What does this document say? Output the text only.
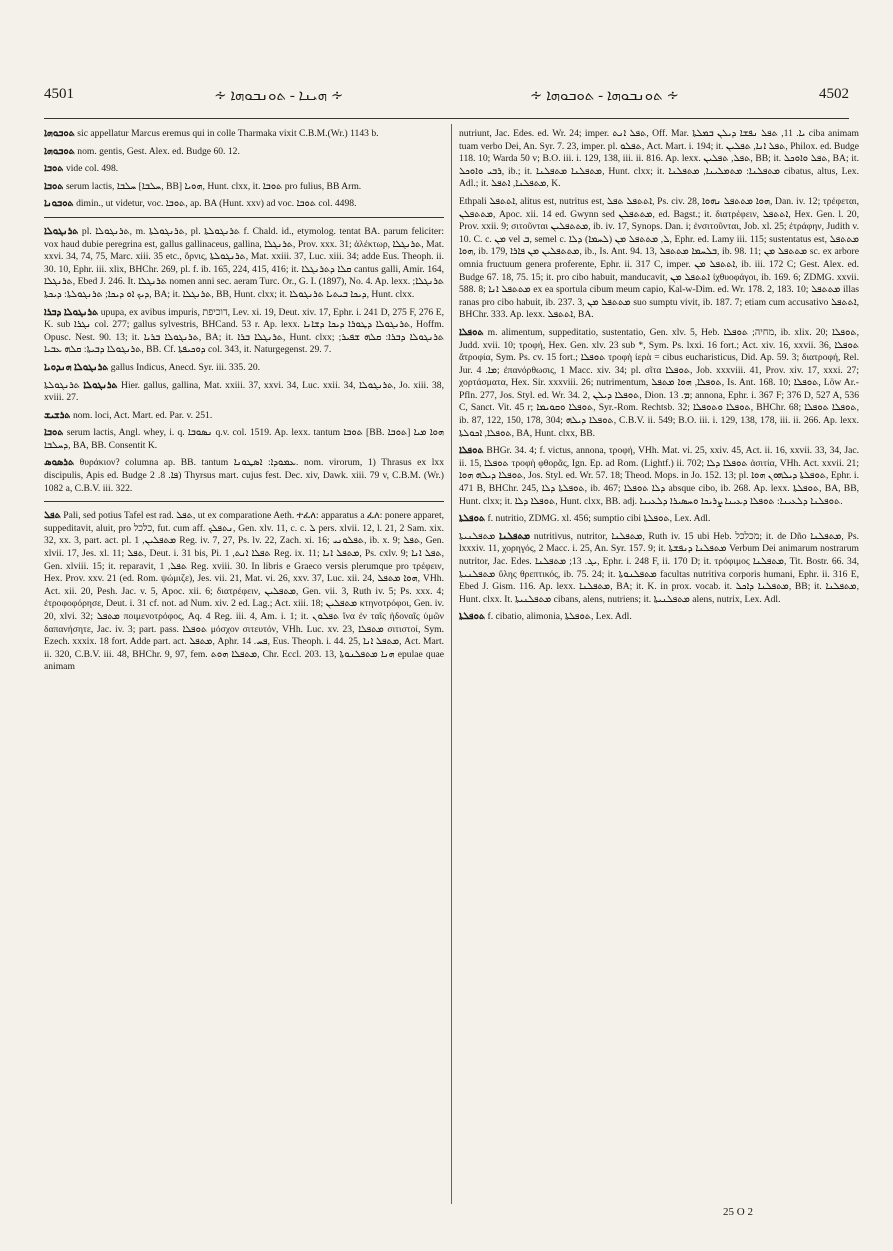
4501	∻ ܗܝܢܐ - ܬܘܢܒܘܗܐ ∻	∻ ܬܘܢܒܘܗܐ - ܬܘܒܘܗܐ ∻	4502

ܬܘܒܘܗܐ sic appellatur Marcus eremus qui in colle Tharmaka vixit C.B.M.(Wr.) 1143 b.

ܬܘܒܘܗܐ nom. gentis, Gest. Alex. ed. Budge 60. 12.

ܬܘܒܐ vide col. 498.

ܬܘܒܐ serum lactis, ܚܠܒܐ [ܚܠܒܐ, BB] ܗܘܝܐ, Hunt. clxx, it. ܬܘܒܐ pro fulius, BB Arm.

ܬܘܒܘܢܐ dimin., ut videtur, voc. ܬܘܒܐ, ap. BA (Hunt. xxv) ad voc. ܬܘܒܐ col. 4498.

ܬܪܢܓܘܠܐ pl. ܬܪܢܓܘܠܐ, m. ܬܪܢܓܘܠܬܐ, pl. ܬܪܢܓܘܠܬܐ f. Chald. id., etymolog. tentat BA. parum feliciter: vox haud dubie peregrina est, gallus gallinaceus, gallina, ܬܪܢܓܠܐ, Prov. xxx. 31; ἀλέκτωρ, ܬܪܢܓܠܐ, Mat. xxvi. 34, 74, 75, Marc. xiii. 35 etc., ὄρνις, ܬܪܢܓܘܠܬܐ, Mat. xxiii. 37, Luc. xiii. 34; adde Eus. Theoph. ii. 30. 10, Ephr. iii. xlix, BHChr. 269, pl. f. ib. 165, 224, 415, 416; it. ܩܠܐ ܕܬܪܢܓܠܐ cantus galli, Amir. 164, ܬܪܢܓܠܐ, Ebed J. 246. It. ܬܪܢܓܠܐ nomen anni sec. aeram Turc. Or., G. I. (1897), No. 4. Ap. lexx. ܬܪܢܓܠܐ; ܕܝܟ ܐܘ ܕܝܟܐ; ܬܪܢܓܘܠܬܐ: ܕܝܟܬܐ, BA; it. ܬܪܢܓܠܐ, BB, Hunt. clxx; it. ܕܝܟܐ ܒܝܬܝܐ ܬܪܢܓܘܠܐ, Hunt. clxx.

ܬܪܢܓܘܠܐ ܕܒܪܐ upupa, ex avibus impuris, דוכיפת, Lev. xi. 19, Deut. xiv. 17, Ephr. i. 241 D, 275 F, 276 E, K. sub ܢܓܪܐ col. 277; gallus sylvestris, BHCand. 53 r. Ap. lexx. ܬܪܢܓܘܠܐ ܕܛܘܪܐ ܕܝܟܐ ܕܫܐܢܐ, Hoffm. Opusc. Nest. 90. 13; it. ܬܪܢܓܘܠܐ ܒܪܝܐ, BA; it. ܬܪܢܓܠܐ ܒܪܐ, Hunt. clxx; ܬܪܢܓܘܠܐ ܕܒܪܐ: ܩܠܗ ܫܦܝܪ; ܬܪܢܓܘܠܐ ܕܒܝܬܐ: ܩܠܗ ܥܒܝܐ, BB. Cf. ܕܘܟܝܦܬܐ col. 343, it. Naturgegenst. 29. 7.

ܬܪܢܓܘܠܐ ܗܢܕܘܝܐ gallus Indicus, Anecd. Syr. iii. 335. 20.

ܬܪܢܓܘܠܐ ܬܪܢܓܘܠܬܐ Hier. gallus, gallina, Mat. xxiii. 37, xxvi. 34, Luc. xxii. 34, ܬܪܢܓܘܠܐ, Jo. xiii. 38, xviii. 27.

ܬܪܫܝܫ nom. loci, Act. Mart. ed. Par. v. 251.

ܬܘܒܐ serum lactis, Angl. whey, i. q. ܢܣܘܒܐ q.v. col. 1519. Ap. lexx. tantum ܬܘܒܐ [BB. ܬܘܒܐ] ܗܘܐ ܡܝܐ ܕܚܠܒܐ, BA, BB. Consentit K.

ܬܪܣܘܣ θυράκιον? columna ap. BB. tantum ܥܡܘܕܐ: ܐܣܛܘܢܐ. nom. virorum, 1) Thrasus ex lxx discipulis, Apis ed. Budge ܦܐ. 8. 2) Thyrsus mart. cujus fest. Dec. xiv, Dawk. xiii. 79 v, C.B.M. (Wr.) 1082 a, C.B.V. iii. 322.

ܬܦܠ Pali, sed potius Tafel est rad. ܬܦܠ, ut ex comparatione Aeth. ተፈለ: apparatus a ፈለ: ponere apparet, suppeditavit, aluit, pro כלכל, fut. cum aff. ܢܬܦܠܟ, Gen. xlv. 11, c. c. ܠ pers. xlvii. 12, l. 21, 2 Sam. xix. 32, xx. 3, part. act. pl. ܡܬܦܠܝܢ, 1 Reg. iv. 7, 27, Ps. lv. 22, Zach. xi. 16; ܬܦܠܘܢܝ, ib. x. 9; ܬܦܠ, Gen. xlvii. 17, Jes. xl. 11; ܬܦܠ, Deut. i. 31 bis, Pi. ܬܦܠܐ ܐܢܬ, 1 Reg. ix. 11; ܡܬܦܠ ܐܢܐ, Ps. cxlv. 9; ܬܦܠ ܐܢܐ, Gen. xlviii. 15; it. reparavit, ܬܦܠ, 1 Reg. xviii. 30. In libris e Graeco versis plerumque pro τρέφειν, Hex. Prov. xxv. 21 (ed. Rom. ψώμιζε), Jes. vii. 21, Mat. vi. 26, xxv. 37, Luc. xii. 24, ܗܘܐ ܡܬܦܠ, VHh. Act. xii. 20, Pesh. Jac. v. 5, Apoc. xii. 6; διατρέφειν, ܡܬܦܠܝܢ, Gen. vii. 3, Ruth iv. 5; Ps. xxx. 4; ἐτροφοφόρησε, Deut. i. 31 cf. not. ad Num. xiv. 2 ed. Lag.; Act. xiii. 18; ܡܬܦܠܝܢ κτηνοτρόφοι, Gen. iv. 20, xlvi. 32; ܡܬܦܠ ποιμενοτρόφος, Aq. 4 Reg. iii. 4, Am. i. 1; it. ܬܦܠܘܢ ἵνα ἐν ταῖς ἡδοναῖς ὑμῶν δαπανήσητε, Jac. iv. 3; part. pass. ܬܘܦܠܐ μόσχον σιτευτόν, VHh. Luc. xv. 23, ܡܬܦܠܐ σιτιστοί, Sym. Ezech. xxxix. 18 fort. Adde part. act. ܡܬܦܠ, Aphr. ܦܚ. 14, Eus. Theoph. i. 44. 25, ܡܬܦܠ ܐܢܐ, Act. Mart. ii. 320, C.B.V. iii. 48, BHChr. 9, 97, fem. ܡܬܦܠܐ ܗܘܬ, Chr. Eccl. 203. 13, ܗܢܐ ܡܬܦܠܢܘܬܐ epulae quae animam

nutriunt, Jac. Edes. ed. Wr. 24; imper. ܬܦܠ ܐܢܬ, Off. Mar. ܝܐ. 11, ܬܦܠ ܢܦܫܐ ܕܝܠܢ ܒܡܠܬܐ ciba animam tuam verbo Dei, An. Syr. 7. 23, imper. pl. ܬܦܠܘ, Act. Mart. i. 194; it. ܬܦܠ ܐܢܐ, ܬܦܠܝܢ, Philox. ed. Budge 118. 10; Warda 50 v; B.O. iii. i. 129, 138, iii. ii. 816. Ap. lexx. ܬܦܠ, ܬܦܠܝܢ, BB; it. ܬܦܠ ܘܐܘܟܠ, BA; it. ܪܒܝ ܘܐܘܟܠ, ib.; it. ܡܬܦܠܢܐ ܡܬܦܠܢܐ, Hunt. clxx; it. ܡܬܦܠܢܐ: ܡܬܡܠܝܢܐ, ܡܬܦܠܢܐ cibatus, altus, Lex. Adl.; it. ܡܬܦܠܢܐ, ܐܬܦܠ, K.

Ethpali ܐܬܬܦܠ, alitus est, nutritus est, ܐܬܬܦܠ ܬܦܠ, Ps. civ. 28, ܗܘܐ ܡܬܬܦܠ ܢܗܘܐ, Dan. iv. 12; τρέφεται, ܡܬܬܦܠܢ, Apoc. xii. 14 ed. Gwynn sed ܡܬܬܦܠܢ, ed. Bagst.; it. διατρέφειν, ܐܬܬܦܠ, Hex. Gen. l. 20, Prov. xxii. 9; σιτοῦνται ܡܬܬܦܠܝܢ, ib. iv. 17, Synops. Dan. i; ἐνσιτοῦνται, Job. xl. 25; ἐτράφην, Judith v. 10. C. c. ܡܢ vel ܒ, semel c. ܠ, ܡܬܬܦܠ ܡܢ (ܠܚܡܐ) ܕܠܐ, Ephr. ed. Lamy iii. 115; sustentatus est, ܡܬܬܦܠ ܗܘܐ, ib. 179, ܡܬܬܦܠܝܢ ܡܢ ܦܐܪܐ, ib., Is. Ant. 94. 13, ܒܠܚܡܐ ܡܬܬܦܠ, ib. 98. 11; ܡܬܬܦܠ ܡܢ sc. ex arbore omnia fructuum genera proferente, Ephr. ii. 317 C, imper. ܐܬܬܦܠ ܡܢ, ib. iii. 172 C; Gest. Alex. ed. Budge 67. 18, 75. 15; it. pro cibo habuit, manducavit, ܐܬܬܦܠ ܡܢ ἰχθυοφάγοι, ib. 169. 6; ZDMG. xxvii. 588. 8; ܡܬܬܦܠ ܐܢܐ ex ea sportula cibum meum capio, Kal-w-Dim. ed. Wr. 178. 2, 183. 10; ܡܬܬܦܠ illas ranas pro cibo habuit, ib. 237. 3, ܡܬܬܦܠ ܡܢ suo sumptu vivit, ib. 187. 7; etiam cum accusativo ܐܬܬܦܠ, BHChr. 333. Ap. lexx. ܐܬܬܦܠ, BA.

ܬܘܦܠܐ m. alimentum, suppeditatio, sustentatio, Gen. xlv. 5, Heb. מחיה; ܬܘܦܠܐ, ib. xlix. 20; ܬܘܦܠܐ, Judd. xvii. 10; τροφή, Hex. Gen. xlv. 23 sub *, Sym. Ps. lxxi. 16 fort.; Act. xiv. 16, xxvii. 36, ܬܘܦܠܐ ἄτροφία, Sym. Ps. cv. 15 fort.; ܬܘܦܠܐ τροφὴ ἱερὰ = cibus eucharisticus, Did. Ap. 59. 3; διατροφή, Rel. Jur. ܡܐ. 4; ἐπανόρθωσις, 1 Macc. xiv. 34; pl. σῖτα ܬܘܦܠܐ, Job. xxxviii. 41, Prov. xiv. 17, xxxi. 27; χορτάσματα, Hex. Sir. xxxviii. 26; nutrimentum, ܬܘܦܠܐ, ܗܘܐ ܡܬܦܠ, Is. Ant. 168. 10; ܬܘܦܠܐ, Löw Ar.-Pfln. 277, Jos. Styl. ed. Wr. 34. 2, ܬܘܦܠܐ ܕܝܠܢ, Dion. ܡ. 13; annona, Ephr. i. 367 F; 376 D, 527 A, 536 C, Sanct. Vit. 45 r; ܬܘܦܠܐ ܘܩܘܝܡܐ, Syr.-Rom. Rechtsb. 32; ܬܘܦܠܐ ܘܬܘܦܠܐ, BHChr. 68; ܬܘܦܠܐ ܬܘܦܠܐ, ib. 87, 122, 150, 178, 304; ܬܘܦܠܐ ܕܝܠܗ, C.B.V. ii. 549; B.O. iii. i. 129, 138, 178, iii. ii. 266. Ap. lexx. ܬܘܦܠܐ, ܐܟܘܠܬܐ, BA, Hunt. clxx, BB.

ܬܘܦܠܐ BHGr. 34. 4; f. victus, annona, τροφή, VHh. Mat. vi. 25, xxiv. 45, Act. ii. 16, xxvii. 33, 34, Jac. ii. 15, ܬܘܦܠܐ τροφὴ φθορᾶς, Ign. Ep. ad Rom. (Lightf.) ii. 702; ܬܘܦܠܐ ܕܠܐ ἀσιτία, VHh. Act. xxvii. 21; ܬܘܦܠܐ ܕܝܠܗ ܗܘܐ, Jos. Styl. ed. Wr. 57. 18; Theod. Mops. in Jo. 152. 13; pl. ܬܘܦܠܬܐ ܕܝܠܗܘܢ ܗܘܐ, Ephr. i. 471 B, BHChr. 245, ܬܘܦܠܬܐ ܕܠܐ, ib. 467; ܕܠܐ ܬܘܦܠܐ absque cibo, ib. 268. Ap. lexx. ܬܘܦܠܬܐ, BA, BB, Hunt. clxx; it. ܬܘܦܠܐ ܕܠܐ, Hunt. clxx, BB. adj. ܬܘܦܠܢܐ ܕܠܥܝܢܐ: ܬܘܦܠܐ ܕܥܝܢܐ ܨܪܝܟܐ ܘܚܣܝܪܐ ܕܠܥܝܢܐ.

ܬܘܦܠܬܐ f. nutritio, ZDMG. xl. 456; sumptio cibi ܬܘܦܠܬܐ, Lex. Adl.

ܡܬܦܠܢܐ ܡܬܦܠܢܝܬܐ nutritivus, nutritor, ܡܬܦܠܢܐ, Ruth iv. 15 ubi Heb. מכלכל; it. de Dño ܡܬܦܠܢܐ, Ps. lxxxiv. 11, χορηγός, 2 Macc. i. 25, An. Syr. 157. 9; it. ܡܬܦܠܢܐ ܕܢܦܫܬܐ Verbum Dei animarum nostrarum nutritor, Jac. Edes. ܝܓ. 13; ܡܬܦܠܢܐ, Ephr. i. 248 F, ii. 170 D; it. τρόφιμος ܡܬܦܠܢܐ, Tit. Bostr. 66. 34, ܡܬܦܠܢܝܬܐ ὕλης θρεπτικός, ib. 75. 24; it. ܡܬܦܠܢܘܬܐ facultas nutritiva corporis humani, Ephr. ii. 316 E, Ebed J. Gism. 116. Ap. lexx. ܡܬܦܠܢܐ, BA; it. K. in prox. vocab. it. ܡܬܦܠܢܐ ܕܐܟܠ, BB; it. ܡܬܦܠܢܐ, Hunt. clxx. It. ܡܬܦܠܢܝܬܐ cibans, alens, nutriens; it. ܡܬܦܠܢܝܬܐ alens, nutrix, Lex. Adl.

ܬܘܦܠܬܐ f. cibatio, alimonia, ܬܘܦܠܬܐ, Lex. Adl.

25 O 2
